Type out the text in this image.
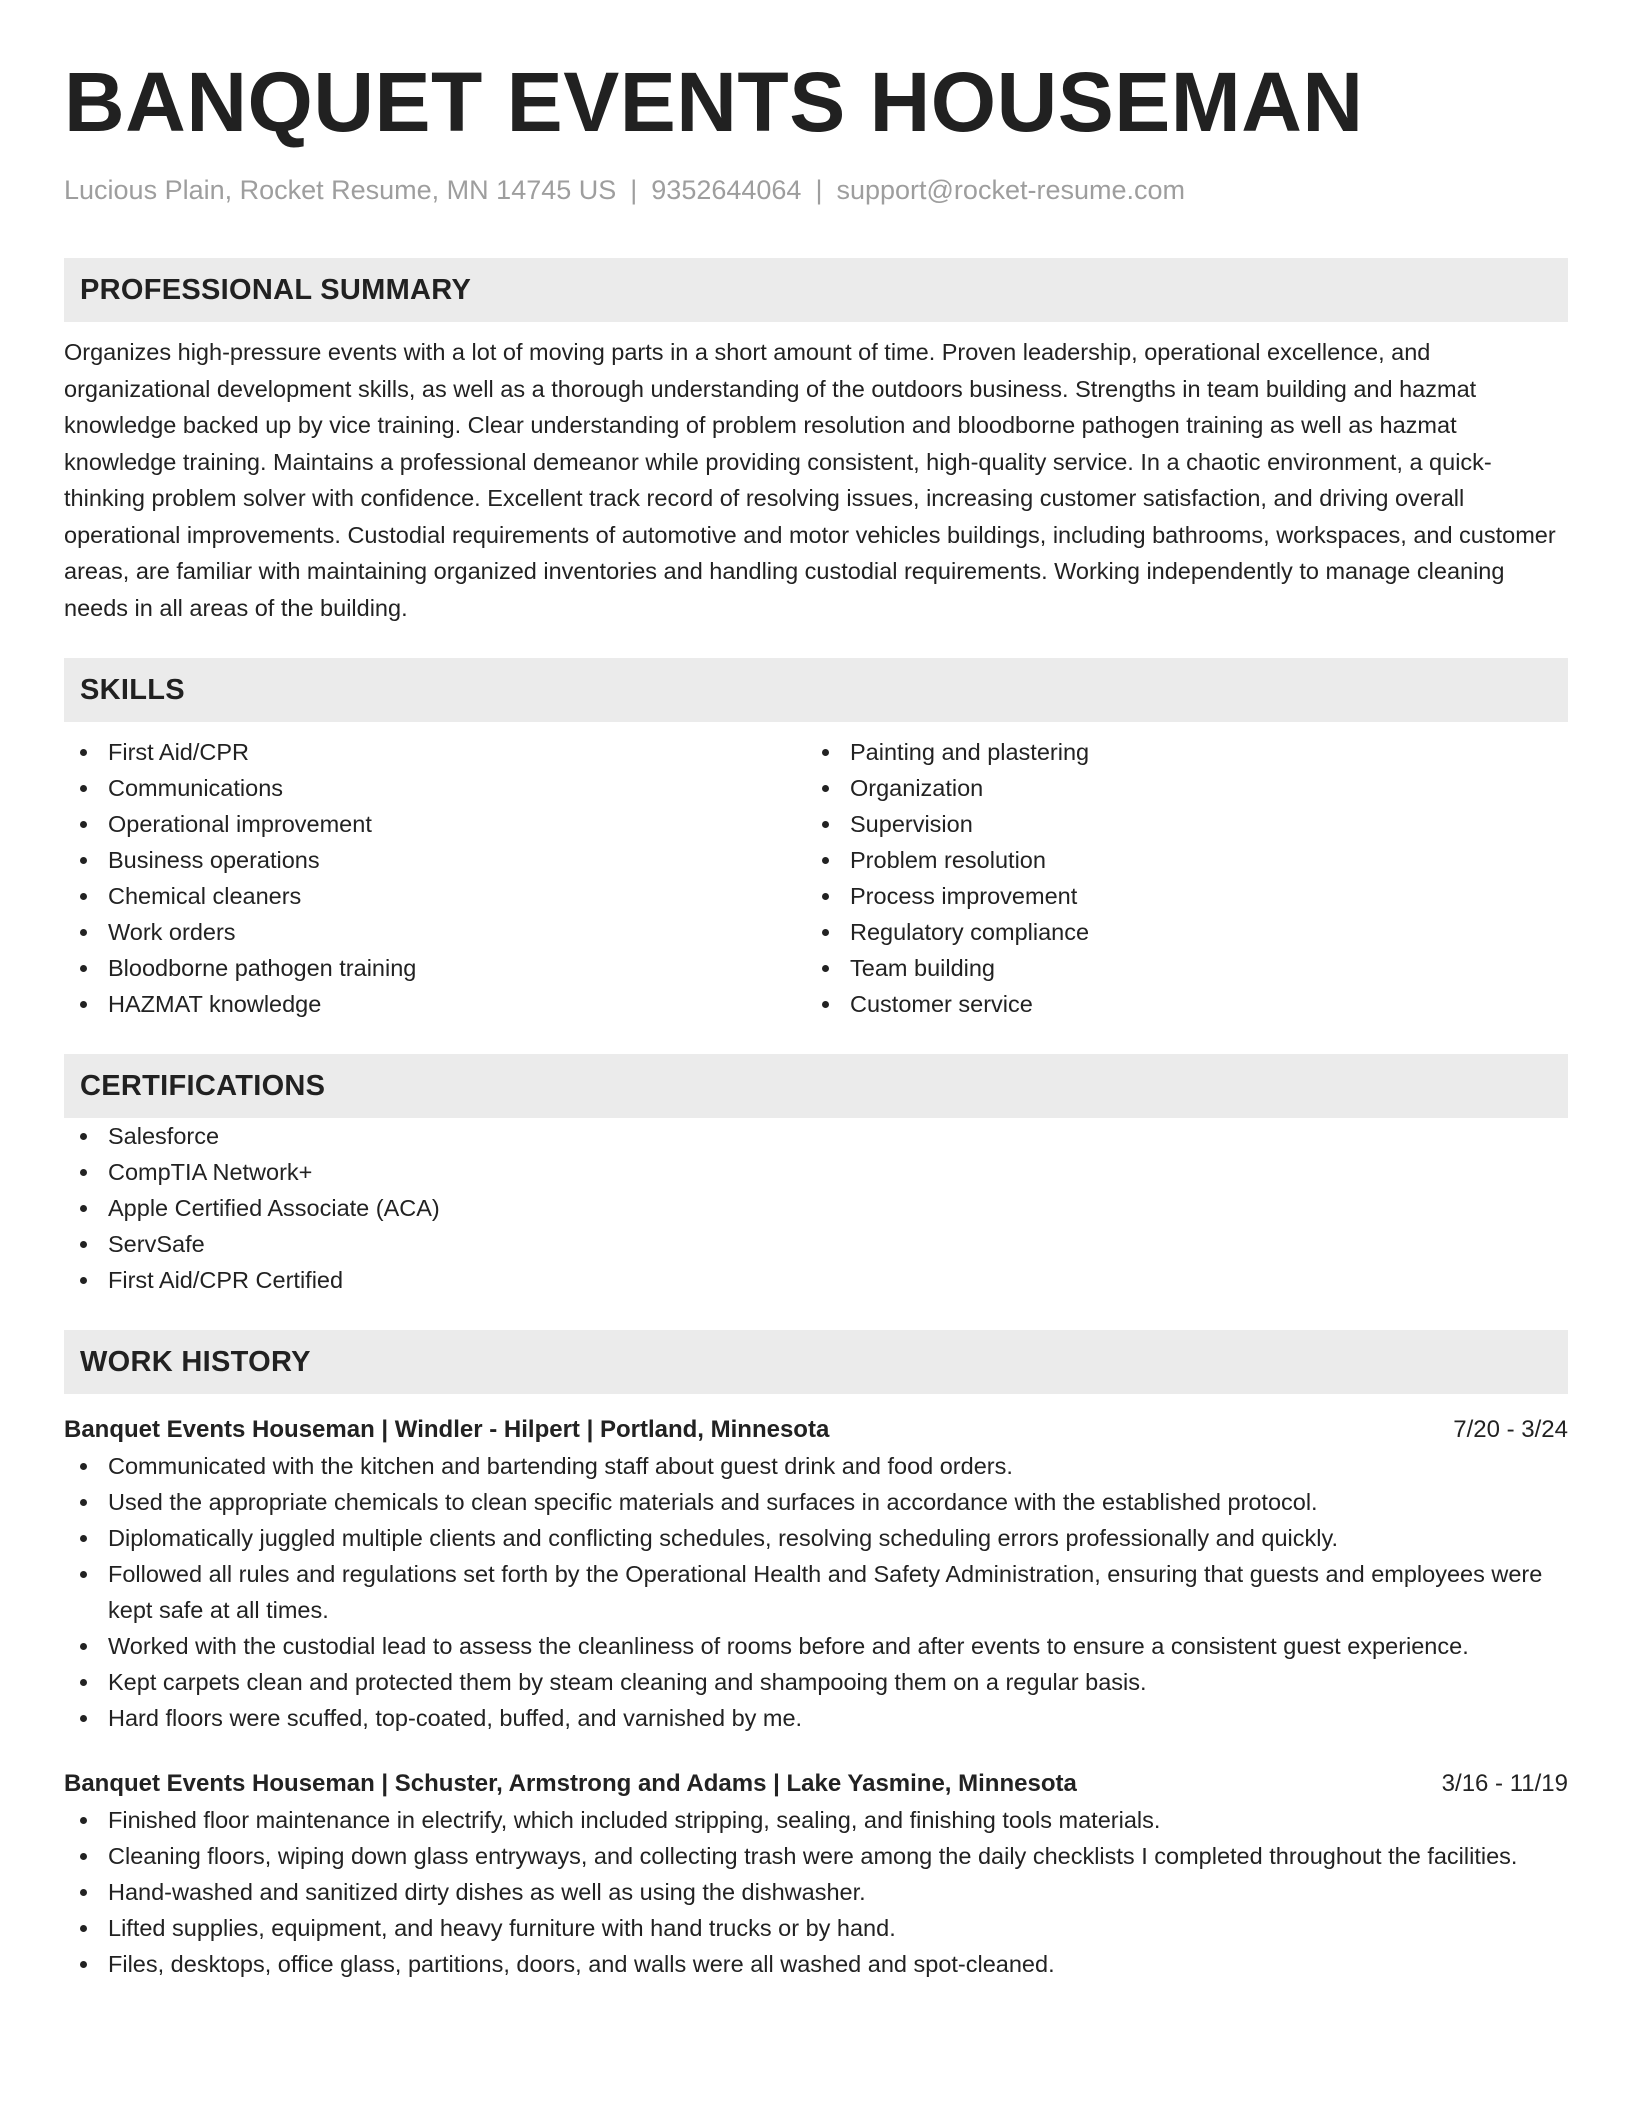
BANQUET EVENTS HOUSEMAN
Lucious Plain, Rocket Resume, MN 14745 US | 9352644064 | support@rocket-resume.com
PROFESSIONAL SUMMARY
Organizes high-pressure events with a lot of moving parts in a short amount of time. Proven leadership, operational excellence, and organizational development skills, as well as a thorough understanding of the outdoors business. Strengths in team building and hazmat knowledge backed up by vice training. Clear understanding of problem resolution and bloodborne pathogen training as well as hazmat knowledge training. Maintains a professional demeanor while providing consistent, high-quality service. In a chaotic environment, a quick-thinking problem solver with confidence. Excellent track record of resolving issues, increasing customer satisfaction, and driving overall operational improvements. Custodial requirements of automotive and motor vehicles buildings, including bathrooms, workspaces, and customer areas, are familiar with maintaining organized inventories and handling custodial requirements. Working independently to manage cleaning needs in all areas of the building.
SKILLS
First Aid/CPR
Communications
Operational improvement
Business operations
Chemical cleaners
Work orders
Bloodborne pathogen training
HAZMAT knowledge
Painting and plastering
Organization
Supervision
Problem resolution
Process improvement
Regulatory compliance
Team building
Customer service
CERTIFICATIONS
Salesforce
CompTIA Network+
Apple Certified Associate (ACA)
ServSafe
First Aid/CPR Certified
WORK HISTORY
Banquet Events Houseman | Windler - Hilpert | Portland, Minnesota	7/20 - 3/24
Communicated with the kitchen and bartending staff about guest drink and food orders.
Used the appropriate chemicals to clean specific materials and surfaces in accordance with the established protocol.
Diplomatically juggled multiple clients and conflicting schedules, resolving scheduling errors professionally and quickly.
Followed all rules and regulations set forth by the Operational Health and Safety Administration, ensuring that guests and employees were kept safe at all times.
Worked with the custodial lead to assess the cleanliness of rooms before and after events to ensure a consistent guest experience.
Kept carpets clean and protected them by steam cleaning and shampooing them on a regular basis.
Hard floors were scuffed, top-coated, buffed, and varnished by me.
Banquet Events Houseman | Schuster, Armstrong and Adams | Lake Yasmine, Minnesota	3/16 - 11/19
Finished floor maintenance in electrify, which included stripping, sealing, and finishing tools materials.
Cleaning floors, wiping down glass entryways, and collecting trash were among the daily checklists I completed throughout the facilities.
Hand-washed and sanitized dirty dishes as well as using the dishwasher.
Lifted supplies, equipment, and heavy furniture with hand trucks or by hand.
Files, desktops, office glass, partitions, doors, and walls were all washed and spot-cleaned.
